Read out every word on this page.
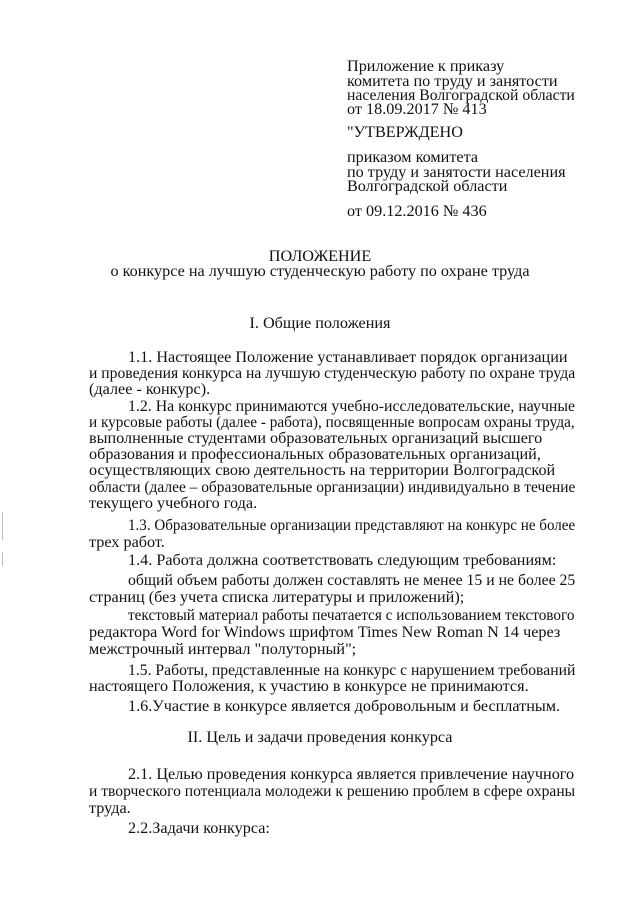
Приложение к приказу
комитета по труду и занятости
населения Волгоградской области
от 18.09.2017 № 413
"УТВЕРЖДЕНО
приказом комитета
по труду и занятости населения
Волгоградской области
от 09.12.2016 № 436
ПОЛОЖЕНИЕ
о конкурсе на лучшую студенческую работу по охране труда
I. Общие положения
1.1. Настоящее Положение устанавливает порядок организации
и проведения конкурса на лучшую студенческую работу по охране труда
(далее - конкурс).
1.2. На конкурс принимаются учебно-исследовательские, научные
и курсовые работы (далее - работа), посвященные вопросам охраны труда,
выполненные студентами образовательных организаций высшего
образования и профессиональных образовательных организаций,
осуществляющих свою деятельность на территории Волгоградской
области (далее – образовательные организации) индивидуально в течение
текущего учебного года.
1.3. Образовательные организации представляют на конкурс не более
трех работ.
1.4. Работа должна соответствовать следующим требованиям:
общий объем работы должен составлять не менее 15 и не более 25
страниц (без учета списка литературы и приложений);
текстовый материал работы печатается с использованием текстового
редактора Word for Windows шрифтом Times New Roman N 14 через
межстрочный интервал "полуторный";
1.5. Работы, представленные на конкурс с нарушением требований
настоящего Положения, к участию в конкурсе не принимаются.
1.6.Участие в конкурсе является добровольным и бесплатным.
II. Цель и задачи проведения конкурса
2.1. Целью проведения конкурса является привлечение научного
и творческого потенциала молодежи к решению проблем в сфере охраны
труда.
2.2.Задачи конкурса:
